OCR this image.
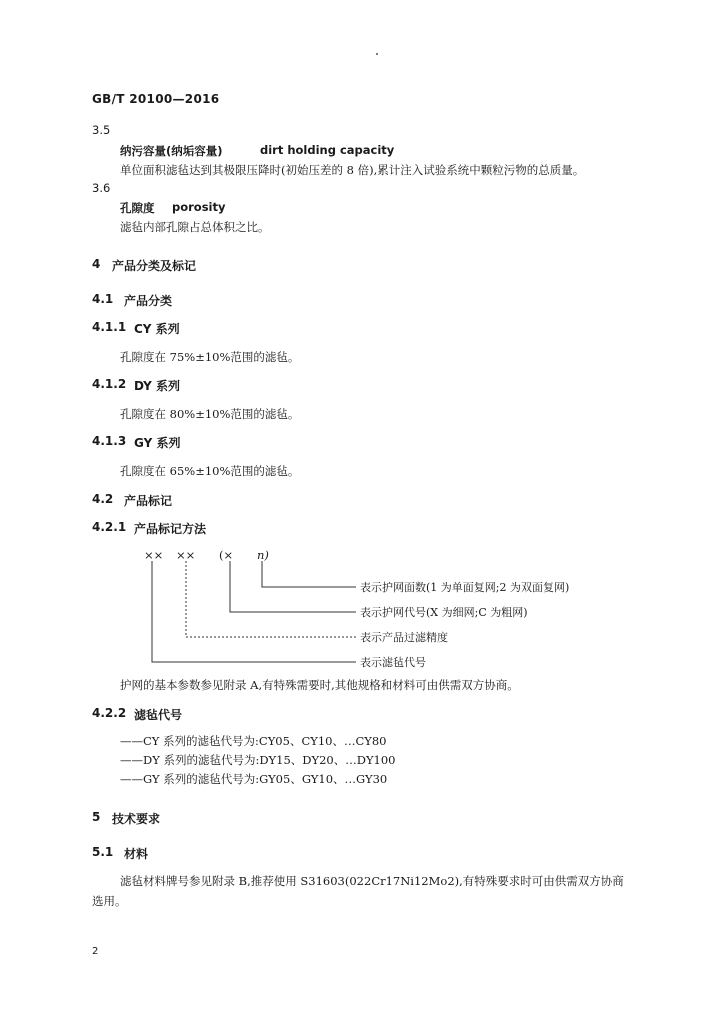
GB/T 20100—2016
3.5
纳污容量(纳垢容量)	dirt holding capacity
单位面积滤毡达到其极限压降时(初始压差的 8 倍),累计注入试验系统中颗粒污物的总质量。
3.6
孔隙度 porosity
滤毡内部孔隙占总体积之比。
4 产品分类及标记
4.1 产品分类
4.1.1 CY 系列
孔隙度在 75%±10%范围的滤毡。
4.1.2 DY 系列
孔隙度在 80%±10%范围的滤毡。
4.1.3 GY 系列
孔隙度在 65%±10%范围的滤毡。
4.2 产品标记
4.2.1 产品标记方法
×× ×× (× n)
表示护网面数(1 为单面复网;2 为双面复网)
表示护网代号(X 为细网;C 为粗网)
表示产品过滤精度
表示滤毡代号
护网的基本参数参见附录 A,有特殊需要时,其他规格和材料可由供需双方协商。
4.2.2 滤毡代号
——CY 系列的滤毡代号为:CY05、CY10、…CY80
——DY 系列的滤毡代号为:DY15、DY20、…DY100
——GY 系列的滤毡代号为:GY05、GY10、…GY30
5 技术要求
5.1 材料
滤毡材料牌号参见附录 B,推荐使用 S31603(022Cr17Ni12Mo2),有特殊要求时可由供需双方协商
选用。
2
